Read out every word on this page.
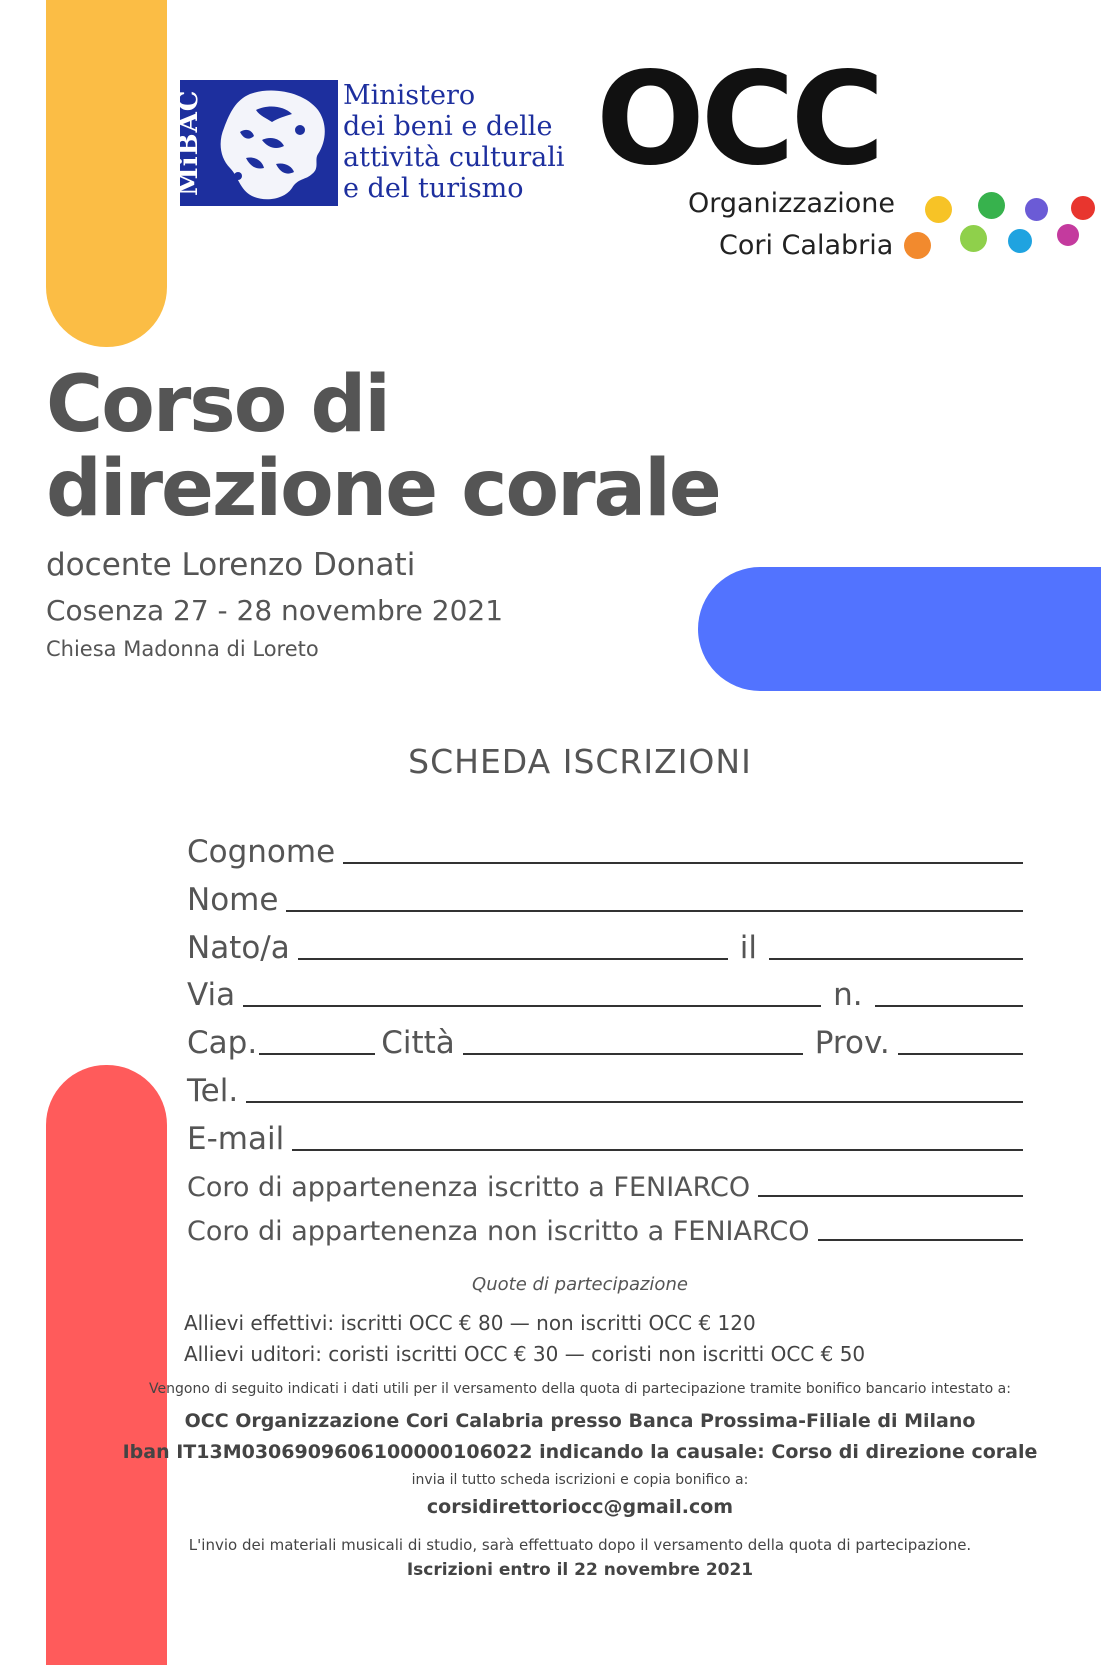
MiBAC	Ministero
dei beni e delle
attività culturali
e del turismo OCC
Organizzazione
Cori Calabria
Corso di
direzione corale
docente Lorenzo Donati
Cosenza 27 - 28 novembre 2021
Chiesa Madonna di Loreto
SCHEDA ISCRIZIONI
Cognome
Nome
Nato/a	il
Via	n.
Cap.	Città	Prov.
Tel.
E-mail
Coro di appartenenza iscritto a FENIARCO
Coro di appartenenza non iscritto a FENIARCO
Quote di partecipazione
Allievi effettivi: iscritti OCC € 80 — non iscritti OCC € 120
Allievi uditori: coristi iscritti OCC € 30 — coristi non iscritti OCC € 50
Vengono di seguito indicati i dati utili per il versamento della quota di partecipazione tramite bonifico bancario intestato a:
OCC Organizzazione Cori Calabria presso Banca Prossima-Filiale di Milano
Iban IT13M0306909606100000106022 indicando la causale: Corso di direzione corale
invia il tutto scheda iscrizioni e copia bonifico a:
corsidirettoriocc@gmail.com
L'invio dei materiali musicali di studio, sarà effettuato dopo il versamento della quota di partecipazione.
Iscrizioni entro il 22 novembre 2021
